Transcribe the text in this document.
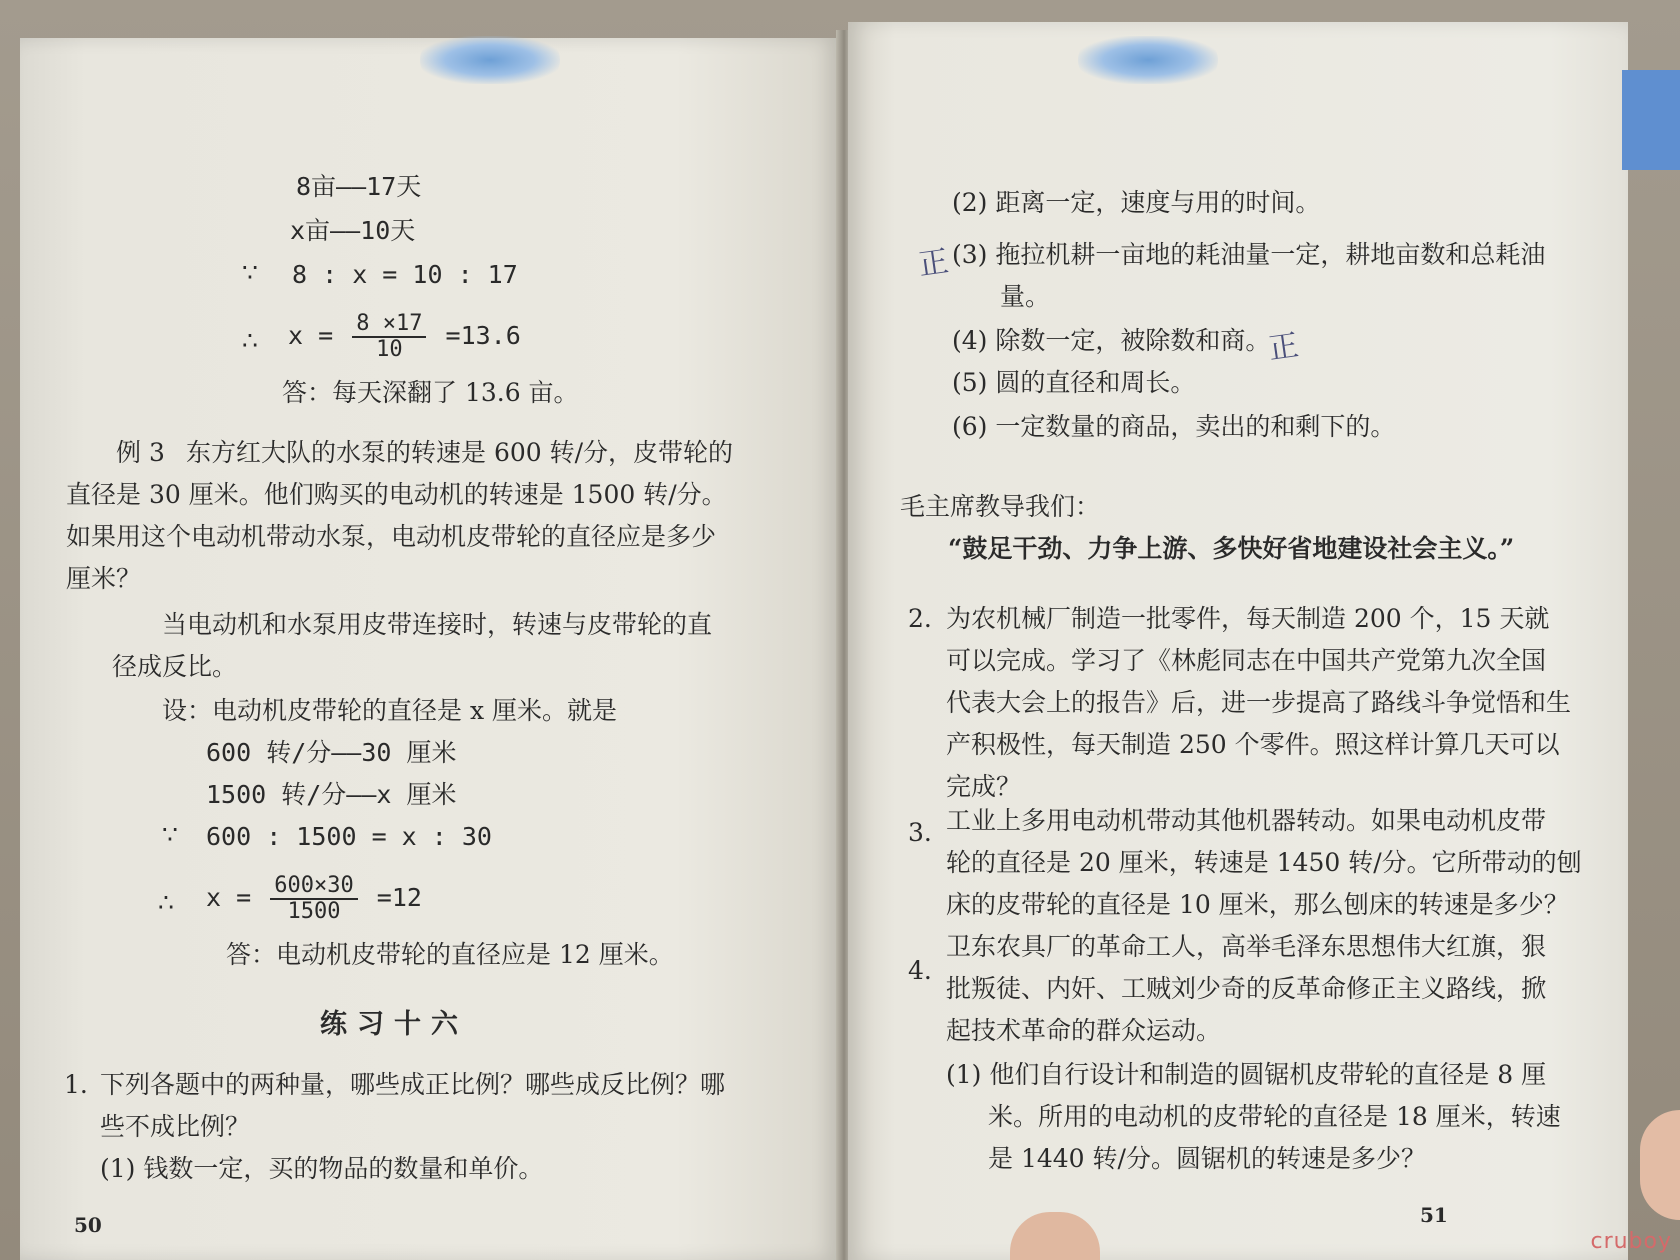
8亩——17天
x亩——10天
∵ 8 : x = 10 : 17
∴ $x = \frac{8 \times 17}{10} =13.6$
答：每天深翻了 13.6 亩。
例 3 东方红大队的水泵的转速是 600 转/分，皮带轮的
直径是 30 厘米。他们购买的电动机的转速是 1500 转/分。
如果用这个电动机带动水泵，电动机皮带轮的直径应是多少
厘米？
当电动机和水泵用皮带连接时，转速与皮带轮的直
径成反比。
设：电动机皮带轮的直径是 x 厘米。就是
600 转/分——30 厘米
1500 转/分——x 厘米
∵ 600 : 1500 = x : 30
∴ $x = \frac{600\times 30}{1500} =12$
答：电动机皮带轮的直径应是 12 厘米。
练习十六
1. 下列各题中的两种量，哪些成正比例？哪些成反比例？哪
些不成比例？
(1) 钱数一定，买的物品的数量和单价。
50
(2) 距离一定，速度与用的时间。
正 (3) 拖拉机耕一亩地的耗油量一定，耕地亩数和总耗油
量。
(4) 除数一定，被除数和商。
正
(5) 圆的直径和周长。
(6) 一定数量的商品，卖出的和剩下的。
毛主席教导我们：
“鼓足干劲、力争上游、多快好省地建设社会主义。”
2. 为农机械厂制造一批零件，每天制造 200 个，15 天就
可以完成。学习了《林彪同志在中国共产党第九次全国
代表大会上的报告》后，进一步提高了路线斗争觉悟和生
产积极性，每天制造 250 个零件。照这样计算几天可以
完成？
3. 工业上多用电动机带动其他机器转动。如果电动机皮带
轮的直径是 20 厘米，转速是 1450 转/分。它所带动的刨
床的皮带轮的直径是 10 厘米，那么刨床的转速是多少？
卫东农具厂的革命工人，高举毛泽东思想伟大红旗，狠
4.
批叛徒、内奸、工贼刘少奇的反革命修正主义路线，掀
起技术革命的群众运动。
(1) 他们自行设计和制造的圆锯机皮带轮的直径是 8 厘
米。所用的电动机的皮带轮的直径是 18 厘米，转速
是 1440 转/分。圆锯机的转速是多少？
51
cruboy
